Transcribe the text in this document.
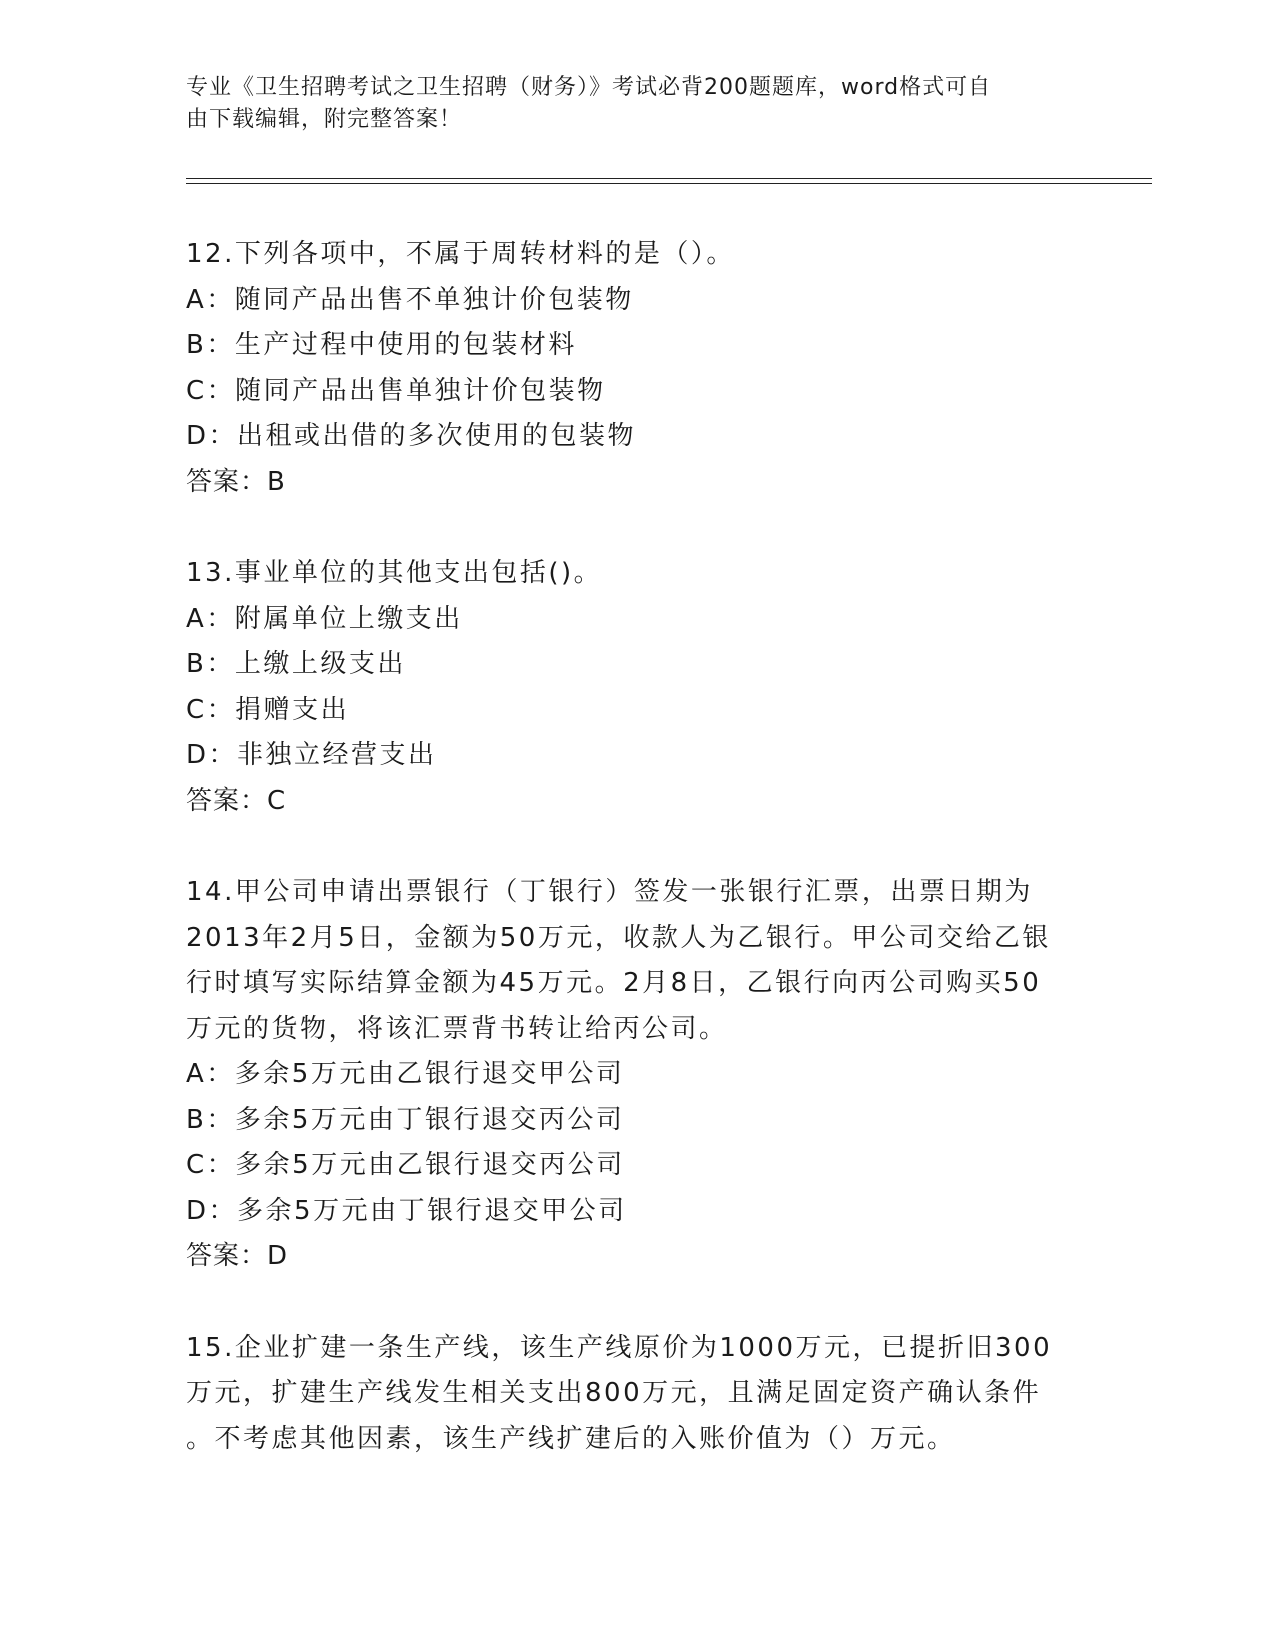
专业《卫生招聘考试之卫生招聘（财务）》考试必背200题题库，word格式可自
由下载编辑，附完整答案！
12.下列各项中，不属于周转材料的是（）。
A：随同产品出售不单独计价包装物
B：生产过程中使用的包装材料
C：随同产品出售单独计价包装物
D：出租或出借的多次使用的包装物
答案：B
13.事业单位的其他支出包括()。
A：附属单位上缴支出
B：上缴上级支出
C：捐赠支出
D：非独立经营支出
答案：C
14.甲公司申请出票银行（丁银行）签发一张银行汇票，出票日期为
2013年2月5日，金额为50万元，收款人为乙银行。甲公司交给乙银
行时填写实际结算金额为45万元。2月8日，乙银行向丙公司购买50
万元的货物，将该汇票背书转让给丙公司。
A：多余5万元由乙银行退交甲公司
B：多余5万元由丁银行退交丙公司
C：多余5万元由乙银行退交丙公司
D：多余5万元由丁银行退交甲公司
答案：D
15.企业扩建一条生产线，该生产线原价为1000万元，已提折旧300
万元，扩建生产线发生相关支出800万元，且满足固定资产确认条件
。不考虑其他因素，该生产线扩建后的入账价值为（）万元。
